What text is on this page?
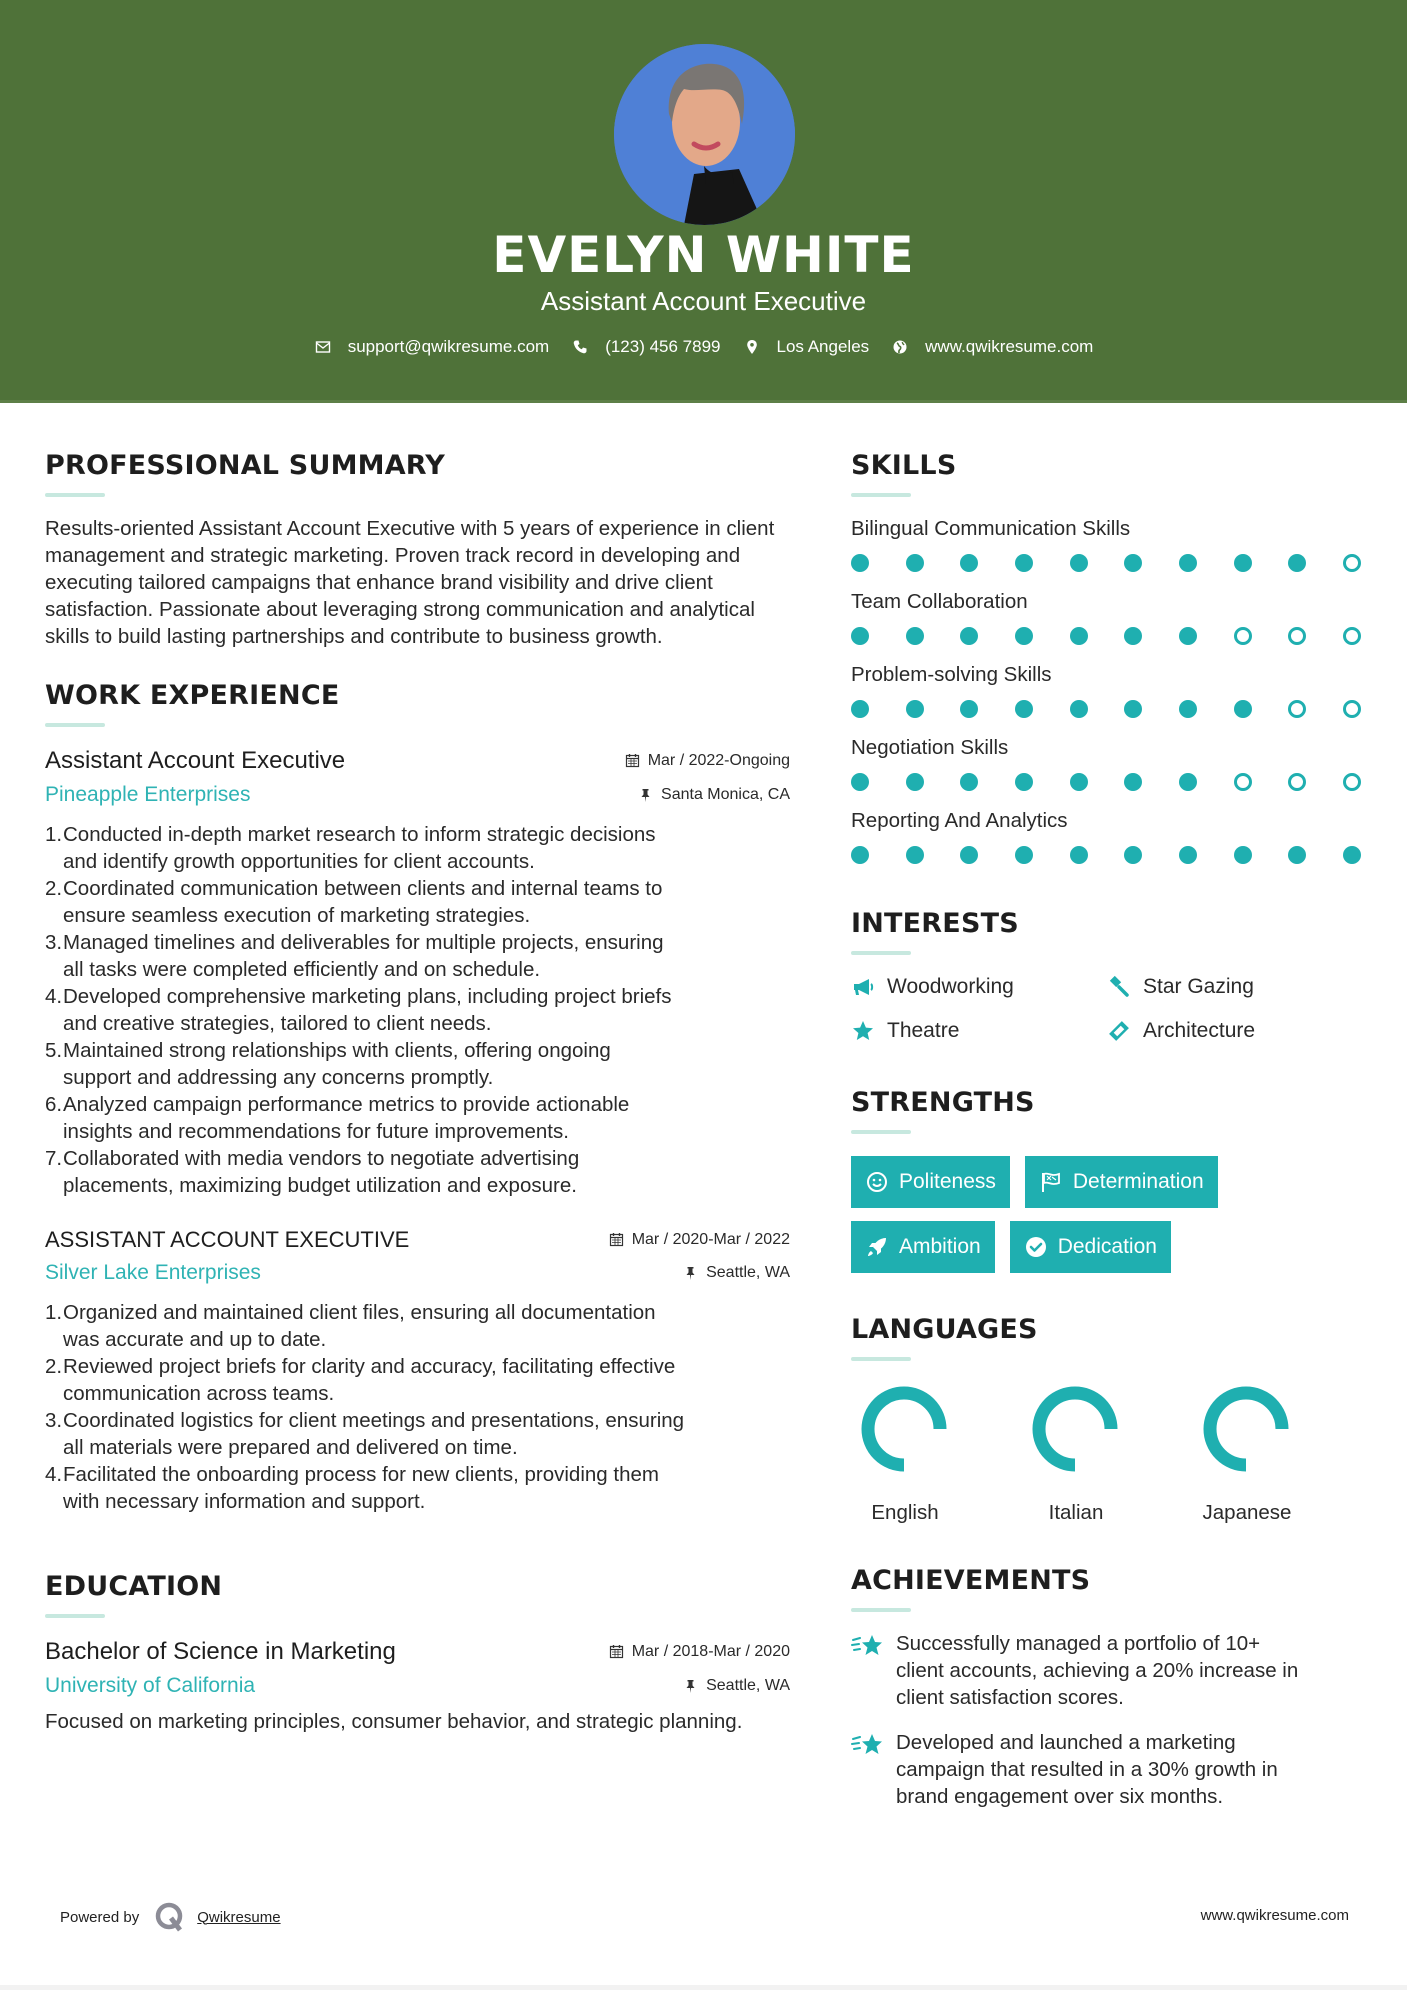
EVELYN WHITE
Assistant Account Executive
support@qwikresume.com	(123) 456 7899	Los Angeles	www.qwikresume.com
PROFESSIONAL SUMMARY

Results-oriented Assistant Account Executive with 5 years of experience in client management and strategic marketing. Proven track record in developing and executing tailored campaigns that enhance brand visibility and drive client satisfaction. Passionate about leveraging strong communication and analytical skills to build lasting partnerships and contribute to business growth.

WORK EXPERIENCE
Assistant Account Executive	Mar / 2022-Ongoing
Pineapple Enterprises	Santa Monica, CA
1. Conducted in-depth market research to inform strategic decisions
and identify growth opportunities for client accounts.
2. Coordinated communication between clients and internal teams to
ensure seamless execution of marketing strategies.
3. Managed timelines and deliverables for multiple projects, ensuring
all tasks were completed efficiently and on schedule.
4. Developed comprehensive marketing plans, including project briefs
and creative strategies, tailored to client needs.
5. Maintained strong relationships with clients, offering ongoing
support and addressing any concerns promptly.
6. Analyzed campaign performance metrics to provide actionable
insights and recommendations for future improvements.
7. Collaborated with media vendors to negotiate advertising
placements, maximizing budget utilization and exposure.
ASSISTANT ACCOUNT EXECUTIVE	Mar / 2020-Mar / 2022
Silver Lake Enterprises	Seattle, WA
1. Organized and maintained client files, ensuring all documentation
was accurate and up to date.
2. Reviewed project briefs for clarity and accuracy, facilitating effective
communication across teams.
3. Coordinated logistics for client meetings and presentations, ensuring
all materials were prepared and delivered on time.
4. Facilitated the onboarding process for new clients, providing them
with necessary information and support.
EDUCATION
Bachelor of Science in Marketing	Mar / 2018-Mar / 2020
University of California	Seattle, WA

Focused on marketing principles, consumer behavior, and strategic planning.

SKILLS
Bilingual Communication Skills
Team Collaboration
Problem-solving Skills
Negotiation Skills
Reporting And Analytics
INTERESTS
Woodworking	Star Gazing
Theatre	Architecture
STRENGTHS
Politeness	Determination
Ambition	Dedication
LANGUAGES
English	Italian	Japanese
ACHIEVEMENTS
Successfully managed a portfolio of 10+
client accounts, achieving a 20% increase in
client satisfaction scores.
Developed and launched a marketing
campaign that resulted in a 30% growth in
brand engagement over six months.
Powered by	Qwikresume	www.qwikresume.com
